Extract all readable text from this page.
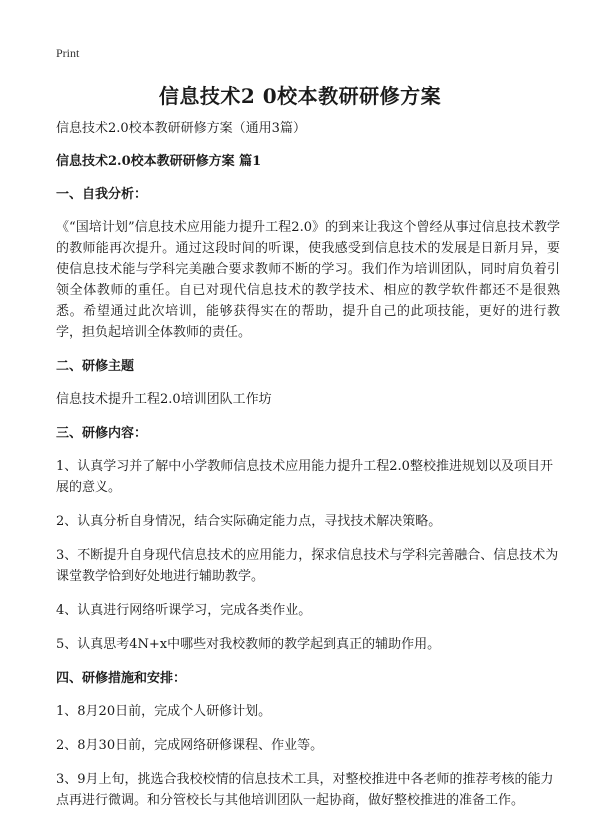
Print
信息技术2 0校本教研研修方案

信息技术2.0校本教研研修方案（通用3篇）

信息技术2.0校本教研研修方案 篇1

一、自我分析：

《“国培计划”信息技术应用能力提升工程2.0》的到来让我这个曾经从事过信息技术教学的教师能再次提升。通过这段时间的听课，使我感受到信息技术的发展是日新月异，要使信息技术能与学科完美融合要求教师不断的学习。我们作为培训团队，同时肩负着引领全体教师的重任。自已对现代信息技术的教学技术、相应的教学软件都还不是很熟悉。希望通过此次培训，能够获得实在的帮助，提升自己的此项技能，更好的进行教学，担负起培训全体教师的责任。

二、研修主题

信息技术提升工程2.0培训团队工作坊

三、研修内容：

1、认真学习并了解中小学教师信息技术应用能力提升工程2.0整校推进规划以及项目开展的意义。

2、认真分析自身情况，结合实际确定能力点，寻找技术解决策略。

3、不断提升自身现代信息技术的应用能力，探求信息技术与学科完善融合、信息技术为课堂教学恰到好处地进行辅助教学。

4、认真进行网络听课学习，完成各类作业。

5、认真思考4N+x中哪些对我校教师的教学起到真正的辅助作用。

四、研修措施和安排：

1、8月20日前，完成个人研修计划。

2、8月30日前，完成网络研修课程、作业等。

3、9月上旬，挑选合我校校情的信息技术工具，对整校推进中各老师的推荐考核的能力点再进行微调。和分管校长与其他培训团队一起协商，做好整校推进的准备工作。
